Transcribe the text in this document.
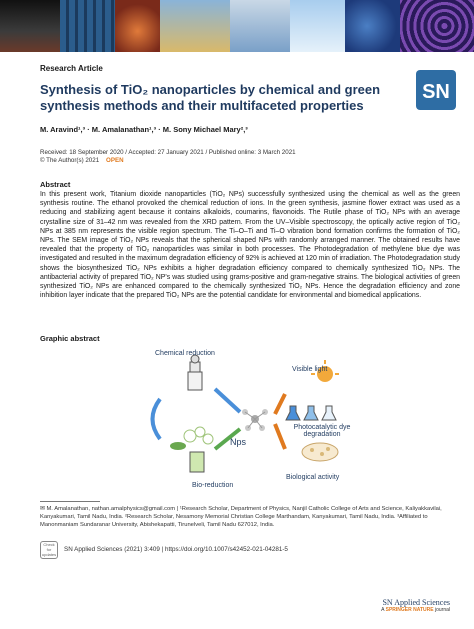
Research Article
SN
Synthesis of TiO₂ nanoparticles by chemical and green synthesis methods and their multifaceted properties
M. Aravind¹,³ · M. Amalanathan¹,³ · M. Sony Michael Mary²,³
Received: 18 September 2020 / Accepted: 27 January 2021 / Published online: 3 March 2021
© The Author(s) 2021 OPEN
Abstract
In this present work, Titanium dioxide nanoparticles (TiO₂ NPs) successfully synthesized using the chemical as well as the green synthesis routine. The ethanol provoked the chemical reduction of ions. In the green synthesis, jasmine flower extract was used as a reducing and stabilizing agent because it contains alkaloids, coumarins, flavonoids. The Rutile phase of TiO₂ NPs with an average crystalline size of 31–42 nm was revealed from the XRD pattern. From the UV–Visible spectroscopy, the optically active region of TiO₂ NPs at 385 nm represents the visible region spectrum. The Ti–O–Ti and Ti–O vibration bond formation confirms the formation of TiO₂ NPs. The SEM image of TiO₂ NPs reveals that the spherical shaped NPs with randomly arranged manner. The obtained results have revealed that the property of TiO₂ nanoparticles was similar in both processes. The Photodegradation of methylene blue dye was investigated and resulted in the maximum degradation efficiency of 92% is achieved at 120 min of irradiation. The Photodegradation study shows the biosynthesized TiO₂ NPs exhibits a higher degradation efficiency compared to chemically synthesized TiO₂ NPs. The antibacterial activity of prepared TiO₂ NP's was studied using grams-positive and gram-negative strains. The biological activities of green synthesized TiO₂ NPs are enhanced compared to the chemically synthesized TiO₂ NPs. Hence the degradation efficiency and zone inhibition layer indicate that the prepared TiO₂ NPs are the potential candidate for environmental and biomedical applications.
Graphic abstract
Chemical reduction
Bio-reduction
Nps
Visible light
Photocatalytic dye degradation
Biological activity
✉ M. Amalanathan, nathan.amalphysics@gmail.com | ¹Research Scholar, Department of Physics, Nanjil Catholic College of Arts and Science, Kaliyakkavilai, Kanyakumari, Tamil Nadu, India. ²Research Scholar, Nesamony Memorial Christian College Marthandam, Kanyakumari, Tamil Nadu, India. ³Affiliated to Manonmaniam Sundaranar University, Abishekapatti, Tirunelveli, Tamil Nadu 627012, India.
Check for updates
SN Applied Sciences (2021) 3:409 | https://doi.org/10.1007/s42452-021-04281-5
SN Applied Sciences
A SPRINGER NATURE journal
